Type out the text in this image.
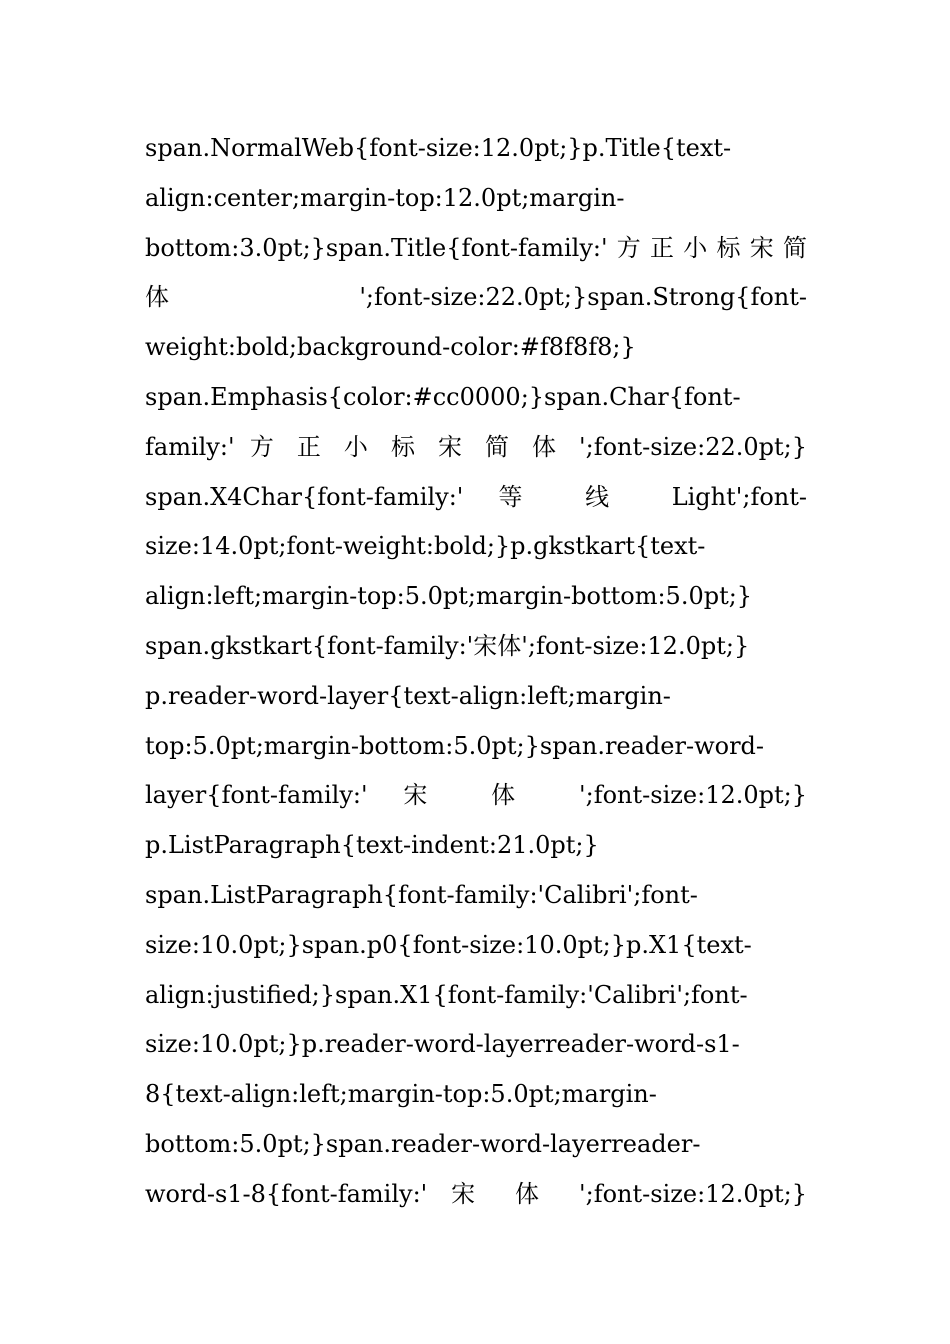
span.NormalWeb{font-size:12.0pt;}p.Title{text-
align:center;margin-top:12.0pt;margin-
bottom:3.0pt;}span.Title{font-family:'方正小标宋简
体 ';font-size:22.0pt;}span.Strong{font-
weight:bold;background-color:#f8f8f8;}
span.Emphasis{color:#cc0000;}span.Char{font-
family:' 方 正 小 标 宋 简 体 ';font-size:22.0pt;}
span.X4Char{font-family:' 等 线 Light';font-
size:14.0pt;font-weight:bold;}p.gkstkart{text-
align:left;margin-top:5.0pt;margin-bottom:5.0pt;}
span.gkstkart{font-family:'宋体';font-size:12.0pt;}
p.reader-word-layer{text-align:left;margin-
top:5.0pt;margin-bottom:5.0pt;}span.reader-word-
layer{font-family:' 宋 体 ';font-size:12.0pt;}
p.ListParagraph{text-indent:21.0pt;}
span.ListParagraph{font-family:'Calibri';font-
size:10.0pt;}span.p0{font-size:10.0pt;}p.X1{text-
align:justified;}span.X1{font-family:'Calibri';font-
size:10.0pt;}p.reader-word-layerreader-word-s1-
8{text-align:left;margin-top:5.0pt;margin-
bottom:5.0pt;}span.reader-word-layerreader-
word-s1-8{font-family:' 宋 体 ';font-size:12.0pt;}
